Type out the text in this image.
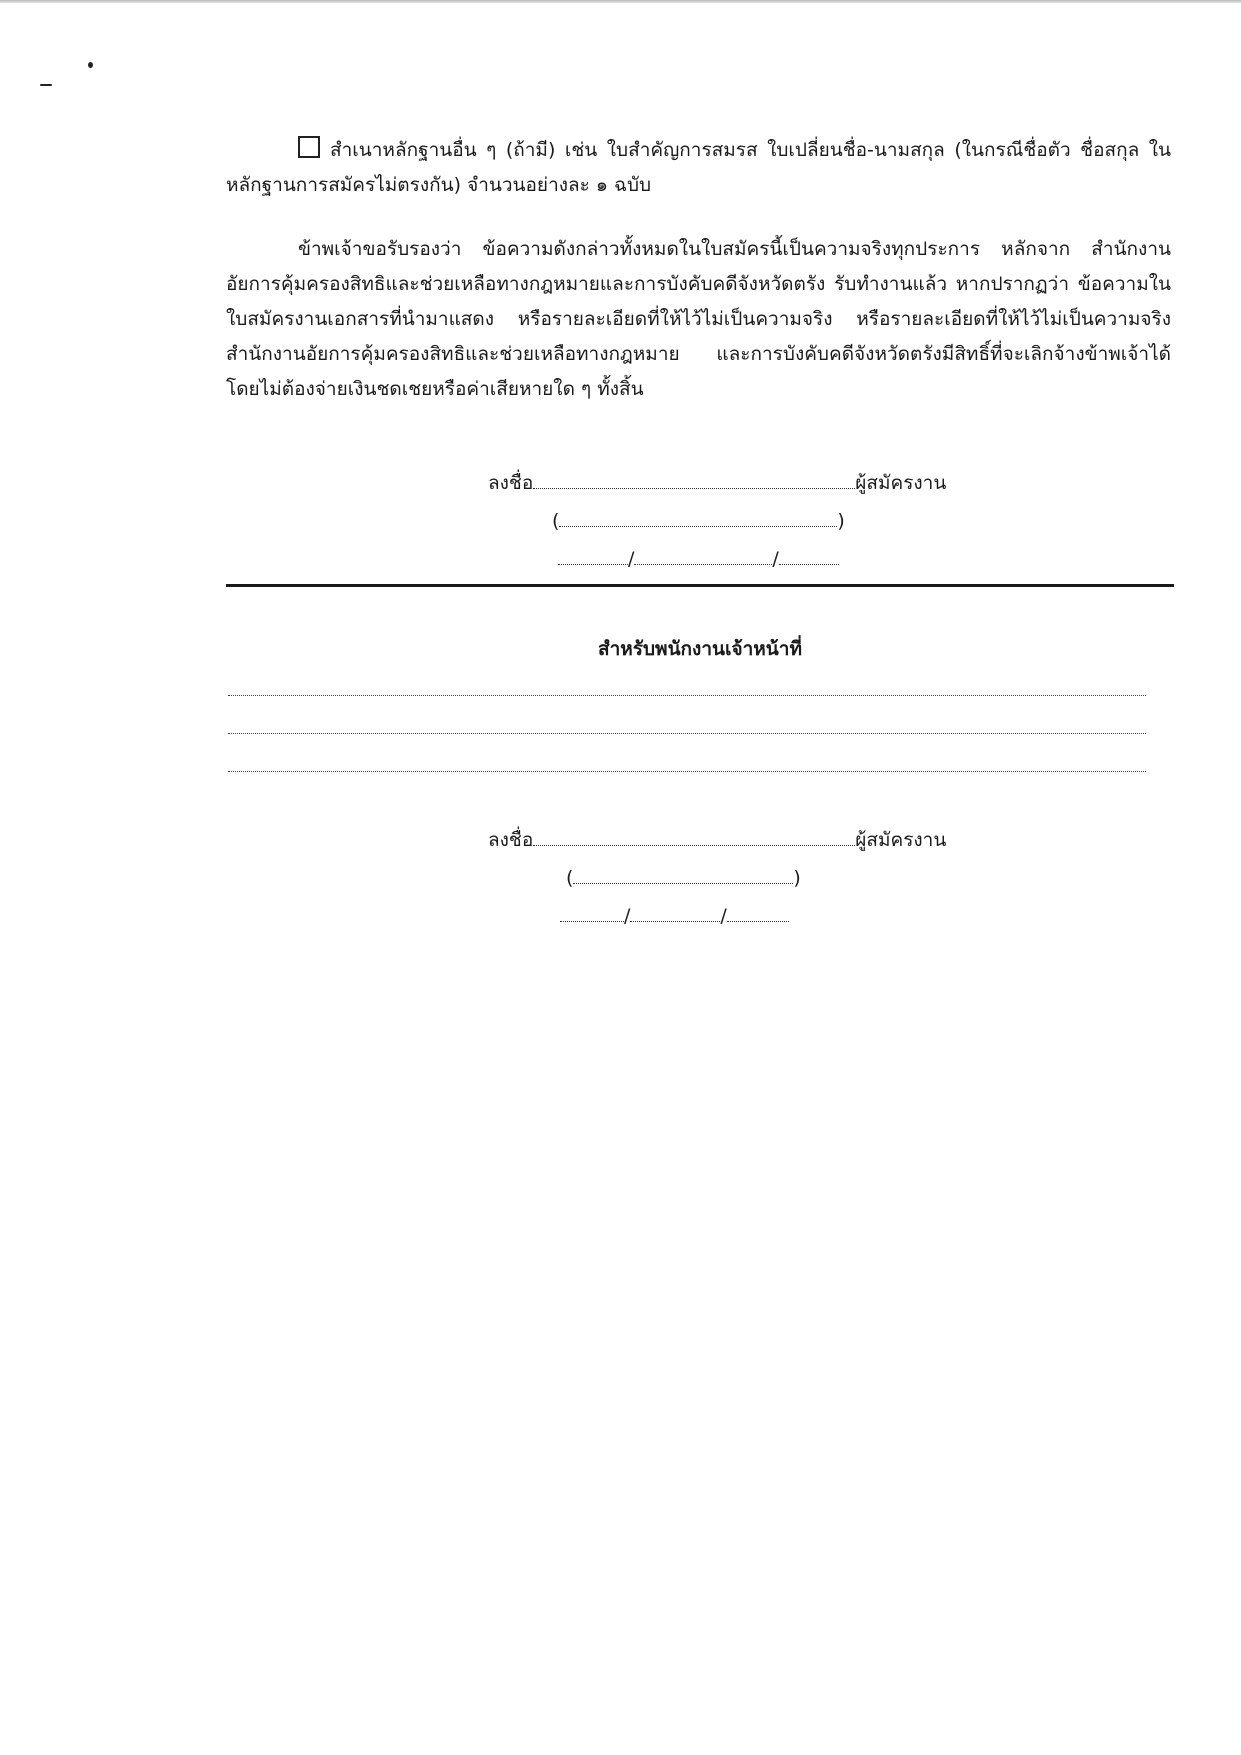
สำเนาหลักฐานอื่น ๆ (ถ้ามี) เช่น ใบสำคัญการสมรส ใบเปลี่ยนชื่อ-นามสกุล (ในกรณีชื่อตัว ชื่อสกุล ในหลักฐานการสมัครไม่ตรงกัน) จำนวนอย่างละ ๑ ฉบับ

ข้าพเจ้าขอรับรองว่า ข้อความดังกล่าวทั้งหมดในใบสมัครนี้เป็นความจริงทุกประการ หลักจาก สำนักงานอัยการคุ้มครองสิทธิและช่วยเหลือทางกฎหมายและการบังคับคดีจังหวัดตรัง รับทำงานแล้ว หากปรากฏว่า ข้อความในใบสมัครงานเอกสารที่นำมาแสดง หรือรายละเอียดที่ให้ไว้ไม่เป็นความจริง หรือรายละเอียดที่ให้ไว้ไม่เป็นความจริง สำนักงานอัยการคุ้มครองสิทธิและช่วยเหลือทางกฎหมาย และการบังคับคดีจังหวัดตรังมีสิทธิ์ที่จะเลิกจ้างข้าพเจ้าได้ โดยไม่ต้องจ่ายเงินชดเชยหรือค่าเสียหายใด ๆ ทั้งสิ้น

ลงชื่อ	ผู้สมัครงาน
(	)
/	/
สำหรับพนักงานเจ้าหน้าที่
ลงชื่อ	ผู้สมัครงาน
(	)
/	/
